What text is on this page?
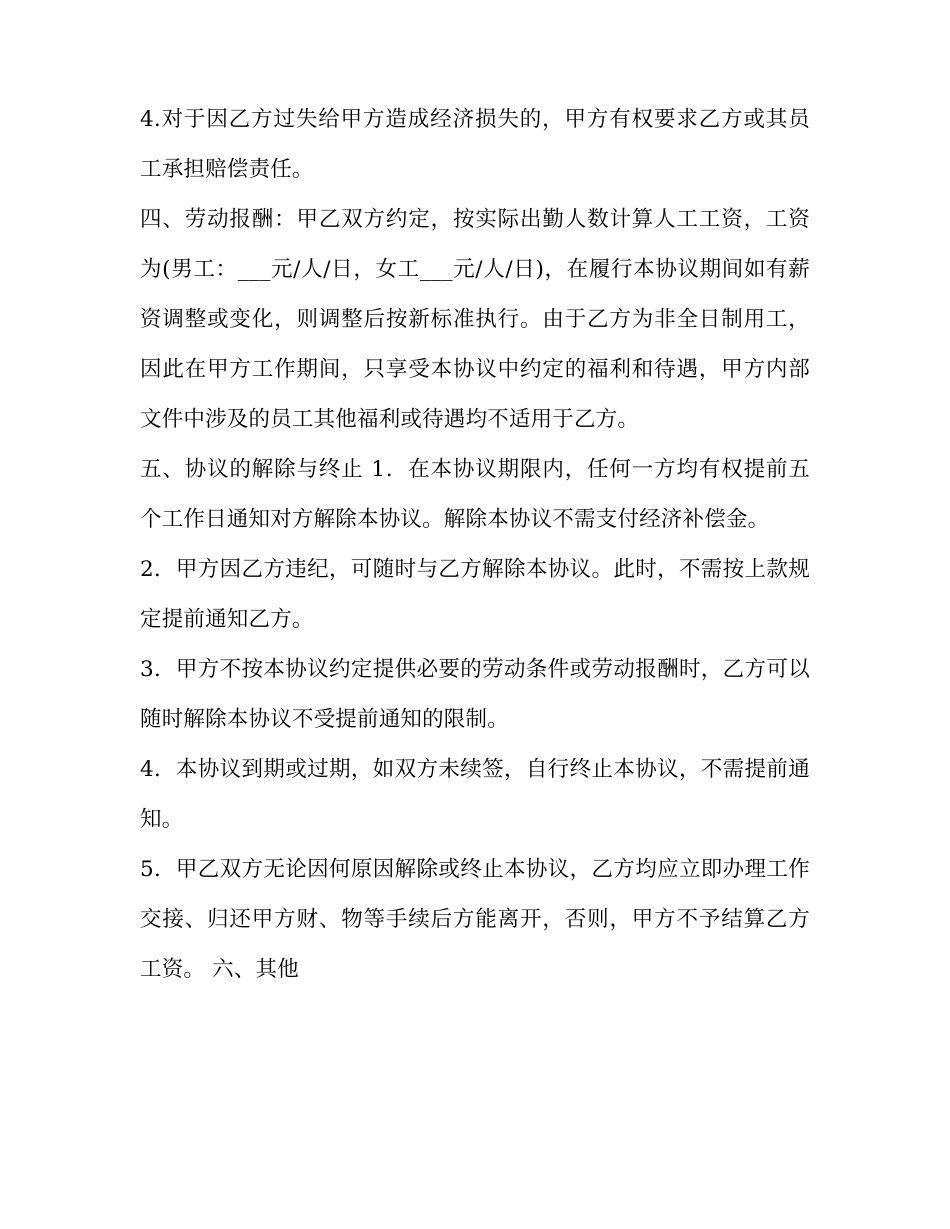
4.对于因乙方过失给甲方造成经济损失的，甲方有权要求乙方或其员工承担赔偿责任。

四、劳动报酬：甲乙双方约定，按实际出勤人数计算人工工资，工资为(男工：___元/人/日，女工___元/人/日)，在履行本协议期间如有薪资调整或变化，则调整后按新标准执行。由于乙方为非全日制用工，因此在甲方工作期间，只享受本协议中约定的福利和待遇，甲方内部文件中涉及的员工其他福利或待遇均不适用于乙方。

五、协议的解除与终止 1．在本协议期限内，任何一方均有权提前五个工作日通知对方解除本协议。解除本协议不需支付经济补偿金。

2．甲方因乙方违纪，可随时与乙方解除本协议。此时，不需按上款规定提前通知乙方。

3．甲方不按本协议约定提供必要的劳动条件或劳动报酬时，乙方可以随时解除本协议不受提前通知的限制。

4．本协议到期或过期，如双方未续签，自行终止本协议，不需提前通知。

5．甲乙双方无论因何原因解除或终止本协议，乙方均应立即办理工作交接、归还甲方财、物等手续后方能离开，否则，甲方不予结算乙方工资。 六、其他
